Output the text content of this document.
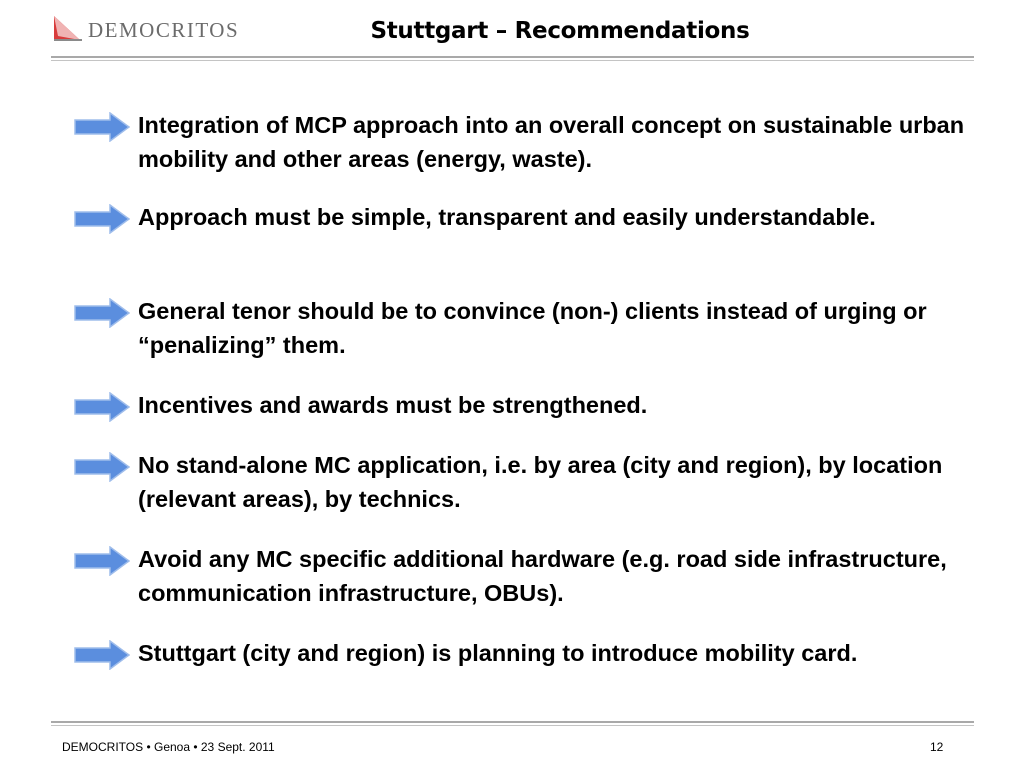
DEMOCRITOS	Stuttgart – Recommendations
Integration of MCP approach into an overall concept on sustainable urban mobility and other areas (energy, waste).
Approach must be simple, transparent and easily understandable.
General tenor should be to convince (non-) clients instead of urging or “penalizing” them.
Incentives and awards must be strengthened.
No stand-alone MC application, i.e. by area (city and region), by location (relevant areas), by technics.
Avoid any MC specific additional hardware (e.g. road side infrastructure, communication infrastructure, OBUs).
Stuttgart (city and region) is planning to introduce mobility card.
DEMOCRITOS • Genoa • 23 Sept. 2011	12
